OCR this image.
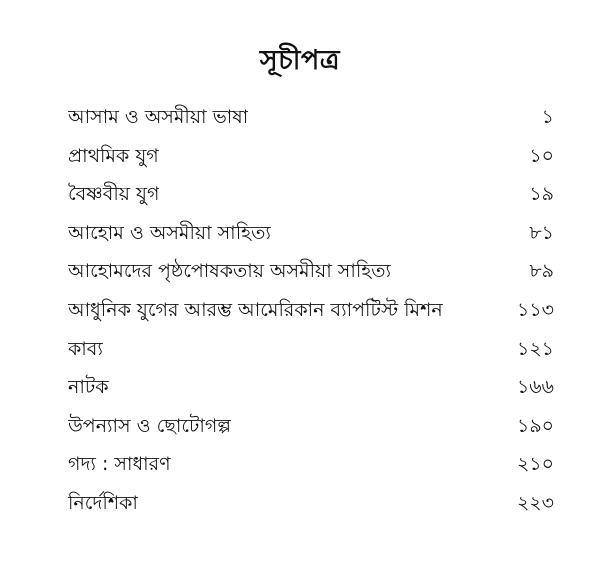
সূচীপত্র
আসাম ও অসমীয়া ভাষা	১
প্রাথমিক যুগ	১০
বৈষ্ণবীয় যুগ	১৯
আহোম ও অসমীয়া সাহিত্য	৮১
আহোমদের পৃষ্ঠপোষকতায় অসমীয়া সাহিত্য	৮৯
আধুনিক যুগের আরম্ভ আমেরিকান ব্যাপটিস্ট মিশন	১১৩
কাব্য	১২১
নাটক	১৬৬
উপন্যাস ও ছোটোগল্প	১৯০
গদ্য : সাধারণ	২১০
নির্দেশিকা	২২৩
